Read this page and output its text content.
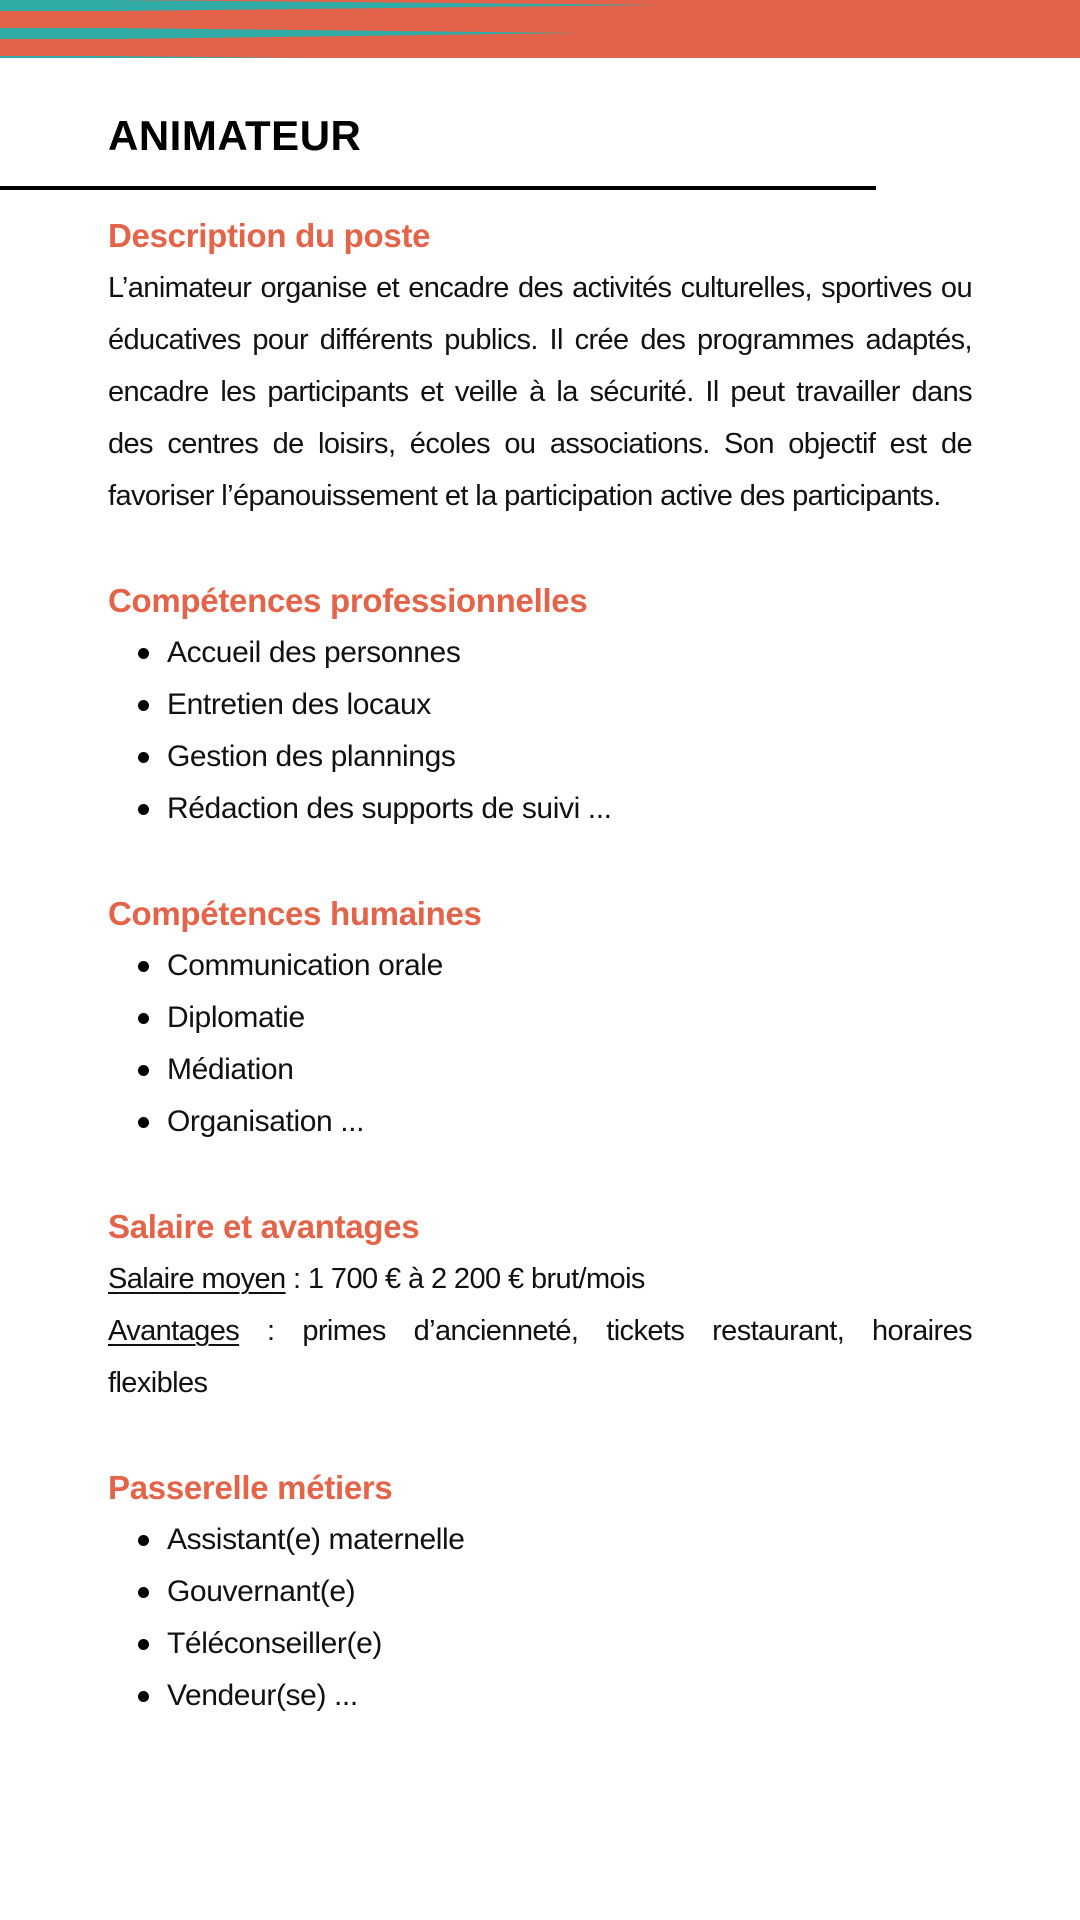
ANIMATEUR
Description du poste

L’animateur organise et encadre des activités culturelles, sportives ou éducatives pour différents publics. Il crée des programmes adaptés, encadre les participants et veille à la sécurité. Il peut travailler dans des centres de loisirs, écoles ou associations. Son objectif est de favoriser l’épanouissement et la participation active des participants.

Compétences professionnelles
Accueil des personnes
Entretien des locaux
Gestion des plannings
Rédaction des supports de suivi ...
Compétences humaines
Communication orale
Diplomatie
Médiation
Organisation ...
Salaire et avantages

Salaire moyen : 1 700 € à 2 200 € brut/mois

Avantages : primes d’ancienneté, tickets restaurant, horaires flexibles

Passerelle métiers
Assistant(e) maternelle
Gouvernant(e)
Téléconseiller(e)
Vendeur(se) ...
